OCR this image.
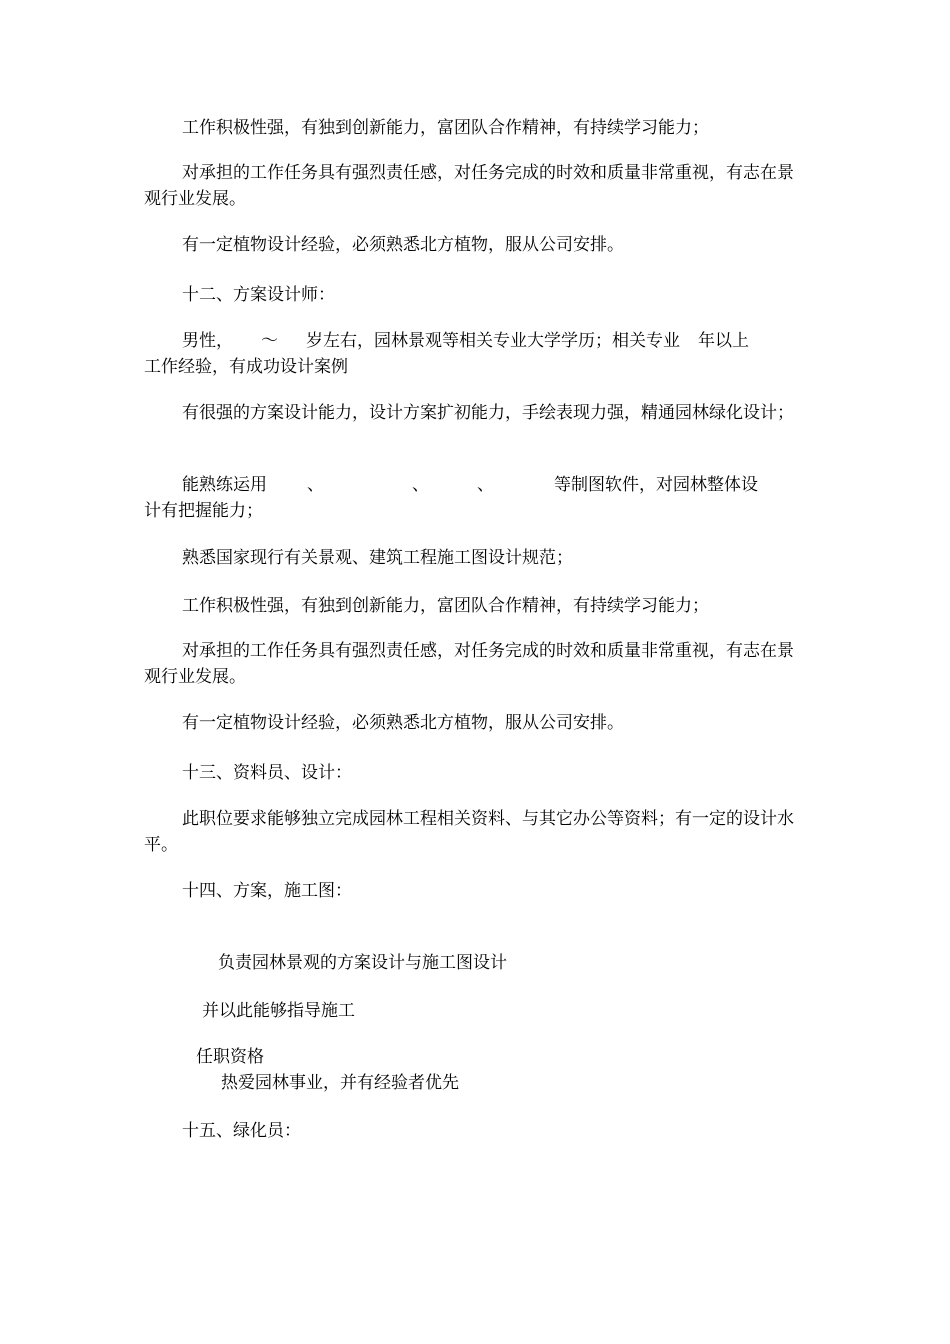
工作积极性强，有独到创新能力，富团队合作精神，有持续学习能力；

对承担的工作任务具有强烈责任感，对任务完成的时效和质量非常重视，有志在景观行业发展。

有一定植物设计经验，必须熟悉北方植物，服从公司安排。

十二、方案设计师：

男性， ～ 岁左右，园林景观等相关专业大学学历；相关专业 年以上
工作经验，有成功设计案例

有很强的方案设计能力，设计方案扩初能力，手绘表现力强，精通园林绿化设计；

能熟练运用 、	、	、	等制图软件，对园林整体设
计有把握能力；

熟悉国家现行有关景观、建筑工程施工图设计规范；

工作积极性强，有独到创新能力，富团队合作精神，有持续学习能力；

对承担的工作任务具有强烈责任感，对任务完成的时效和质量非常重视，有志在景观行业发展。

有一定植物设计经验，必须熟悉北方植物，服从公司安排。

十三、资料员、设计：

此职位要求能够独立完成园林工程相关资料、与其它办公等资料；有一定的设计水平。

十四、方案，施工图：

负责园林景观的方案设计与施工图设计

并以此能够指导施工

任职资格

热爱园林事业，并有经验者优先

十五、绿化员：
